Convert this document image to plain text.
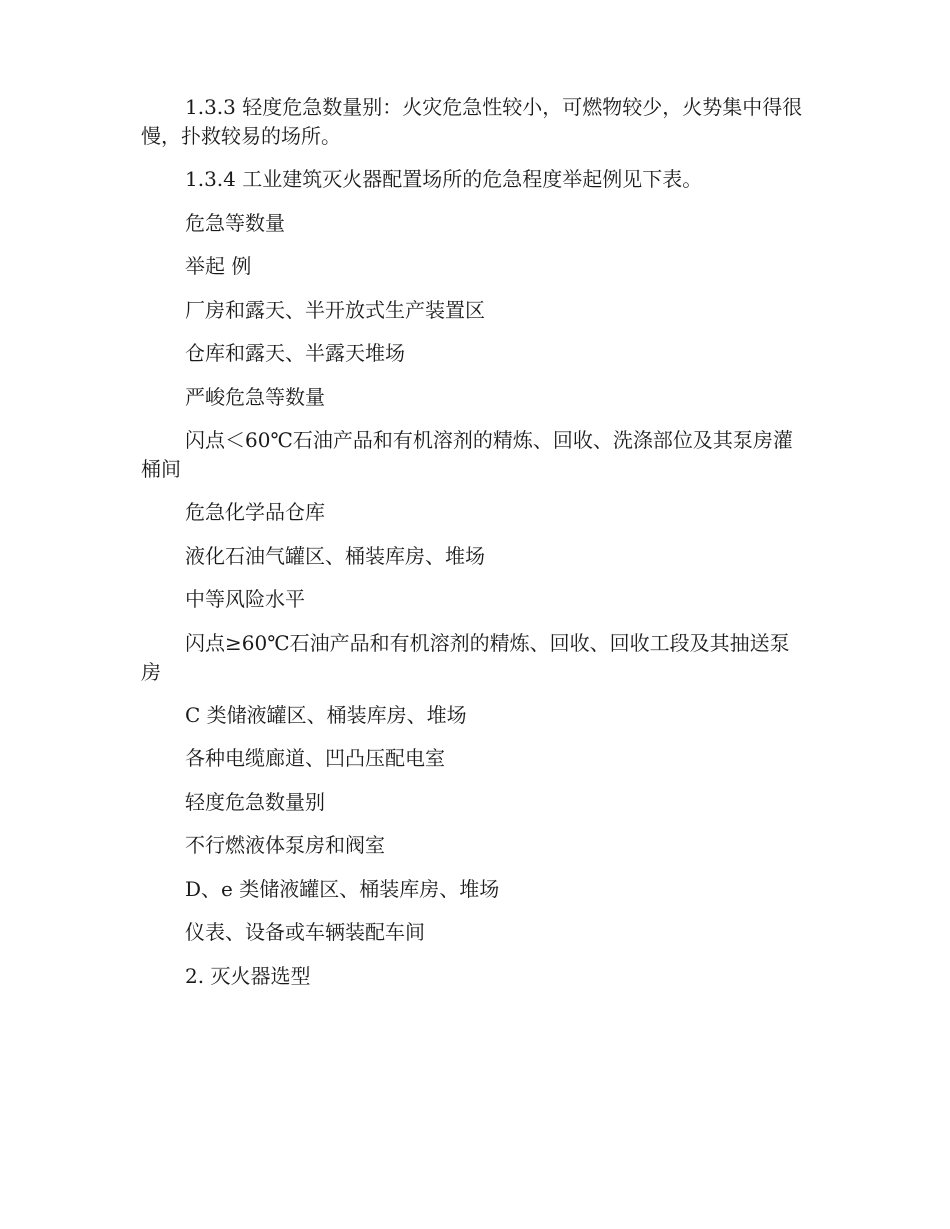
1.3.3 轻度危急数量别：火灾危急性较小，可燃物较少，火势集中得很慢，扑救较易的场所。

1.3.4 工业建筑灭火器配置场所的危急程度举起例见下表。

危急等数量

举起 例

厂房和露天、半开放式生产装置区

仓库和露天、半露天堆场

严峻危急等数量

闪点＜60℃石油产品和有机溶剂的精炼、回收、洗涤部位及其泵房灌桶间

危急化学品仓库

液化石油气罐区、桶装库房、堆场

中等风险水平

闪点≥60℃石油产品和有机溶剂的精炼、回收、回收工段及其抽送泵房

C 类储液罐区、桶装库房、堆场

各种电缆廊道、凹凸压配电室

轻度危急数量别

不行燃液体泵房和阀室

D、e 类储液罐区、桶装库房、堆场

仪表、设备或车辆装配车间

2. 灭火器选型
